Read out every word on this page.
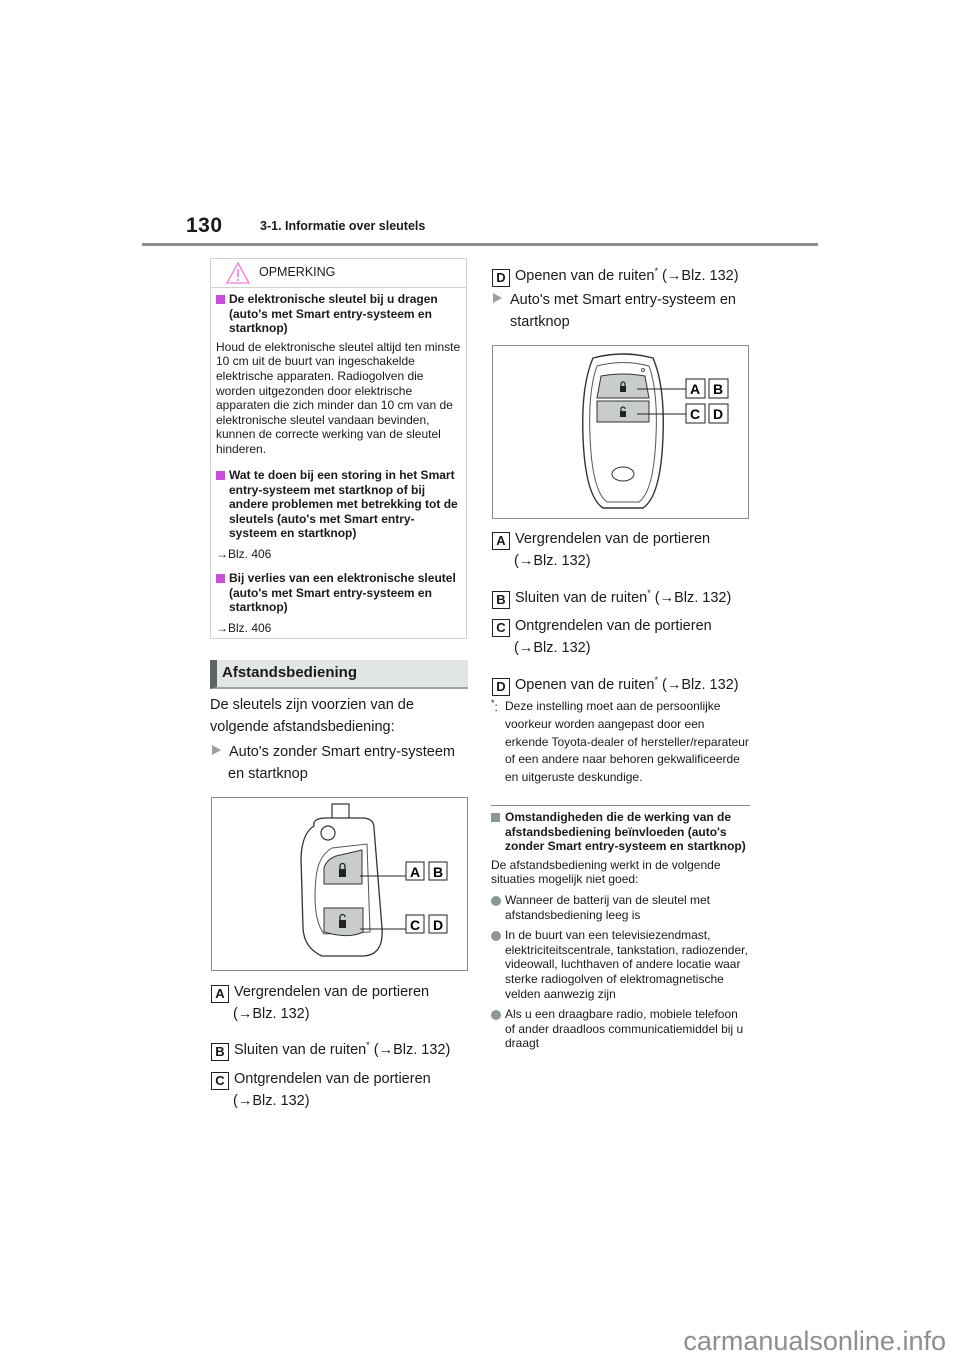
130	3-1. Informatie over sleutels
OPMERKING
De elektronische sleutel bij u dragen (auto's met Smart entry-systeem en startknop)

Houd de elektronische sleutel altijd ten minste 10 cm uit de buurt van ingeschakelde elektrische apparaten. Radiogolven die worden uitgezonden door elektrische apparaten die zich minder dan 10 cm van de elektronische sleutel vandaan bevinden, kunnen de correcte werking van de sleutel hinderen.

Wat te doen bij een storing in het Smart entry-systeem met startknop of bij andere problemen met betrekking tot de sleutels (auto's met Smart entry-systeem en startknop)

→Blz. 406

Bij verlies van een elektronische sleutel (auto's met Smart entry-systeem en startknop)

→Blz. 406

Afstandsbediening
De sleutels zijn voorzien van de volgende afstandsbediening:
Auto's zonder Smart entry-systeem en startknop
A B
C D
A Vergrendelen van de portieren
(→Blz. 132)
B Sluiten van de ruiten* (→Blz. 132)
C Ontgrendelen van de portieren
(→Blz. 132)
D Openen van de ruiten* (→Blz. 132)
Auto's met Smart entry-systeem en startknop
A B
C D
A Vergrendelen van de portieren
(→Blz. 132)
B Sluiten van de ruiten* (→Blz. 132)
C Ontgrendelen van de portieren
(→Blz. 132)
D Openen van de ruiten* (→Blz. 132)
*: Deze instelling moet aan de persoonlijke voorkeur worden aangepast door een erkende Toyota-dealer of hersteller/reparateur of een andere naar behoren gekwalificeerde en uitgeruste deskundige.
Omstandigheden die de werking van de afstandsbediening beïnvloeden (auto's zonder Smart entry-systeem en startknop)
De afstandsbediening werkt in de volgende situaties mogelijk niet goed:
Wanneer de batterij van de sleutel met afstandsbediening leeg is
In de buurt van een televisiezendmast, elektriciteitscentrale, tankstation, radiozender, videowall, luchthaven of andere locatie waar sterke radiogolven of elektromagnetische velden aanwezig zijn
Als u een draagbare radio, mobiele telefoon of ander draadloos communicatiemiddel bij u draagt
carmanualsonline.info
